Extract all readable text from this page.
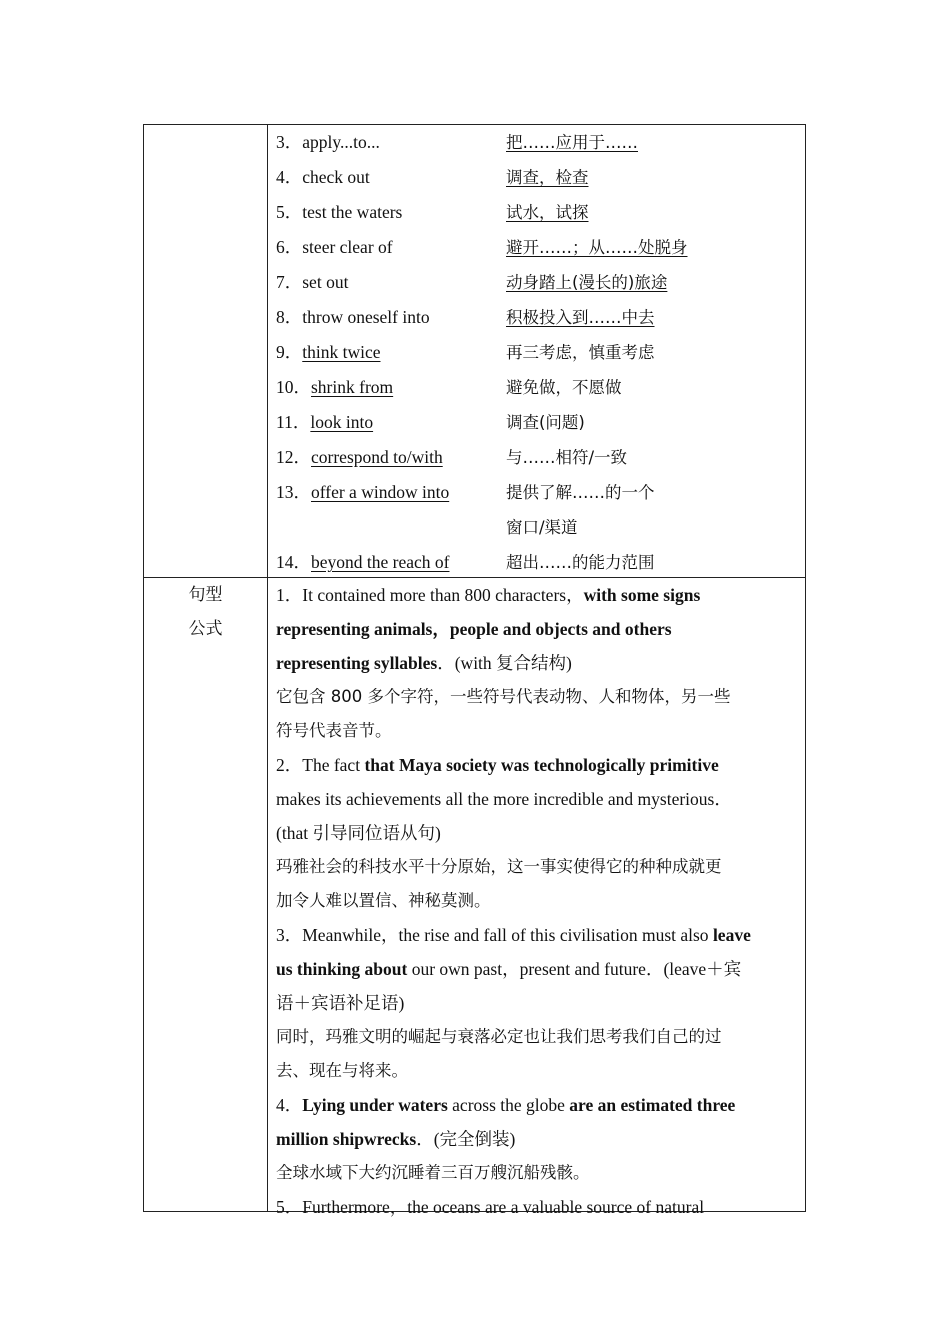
3．apply...to...	把……应用于……
4．check out	调查，检查
5．test the waters	试水，试探
6．steer clear of	避开……；从……处脱身
7．set out	动身踏上(漫长的)旅途
8．throw oneself into	积极投入到……中去
9．think twice	再三考虑，慎重考虑
10．shrink from	避免做，不愿做
11．look into	调查(问题)
12．correspond to/with	与……相符/一致
13．offer a window into	提供了解……的一个
窗口/渠道
14．beyond the reach of	超出……的能力范围
句型
公式
1．It contained more than 800 characters，with some signs
representing animals，people and objects and others
representing syllables．(with 复合结构)
它包含 800 多个字符，一些符号代表动物、人和物体，另一些
符号代表音节。
2．The fact that Maya society was technologically primitive
makes its achievements all the more incredible and mysterious．
(that 引导同位语从句)
玛雅社会的科技水平十分原始，这一事实使得它的种种成就更
加令人难以置信、神秘莫测。
3．Meanwhile，the rise and fall of this civilisation must also leave
us thinking about our own past，present and future．(leave＋宾
语＋宾语补足语)
同时，玛雅文明的崛起与衰落必定也让我们思考我们自己的过
去、现在与将来。
4．Lying under waters across the globe are an estimated three
million shipwrecks．(完全倒装)
全球水域下大约沉睡着三百万艘沉船残骸。
5．Furthermore，the oceans are a valuable source of natural
